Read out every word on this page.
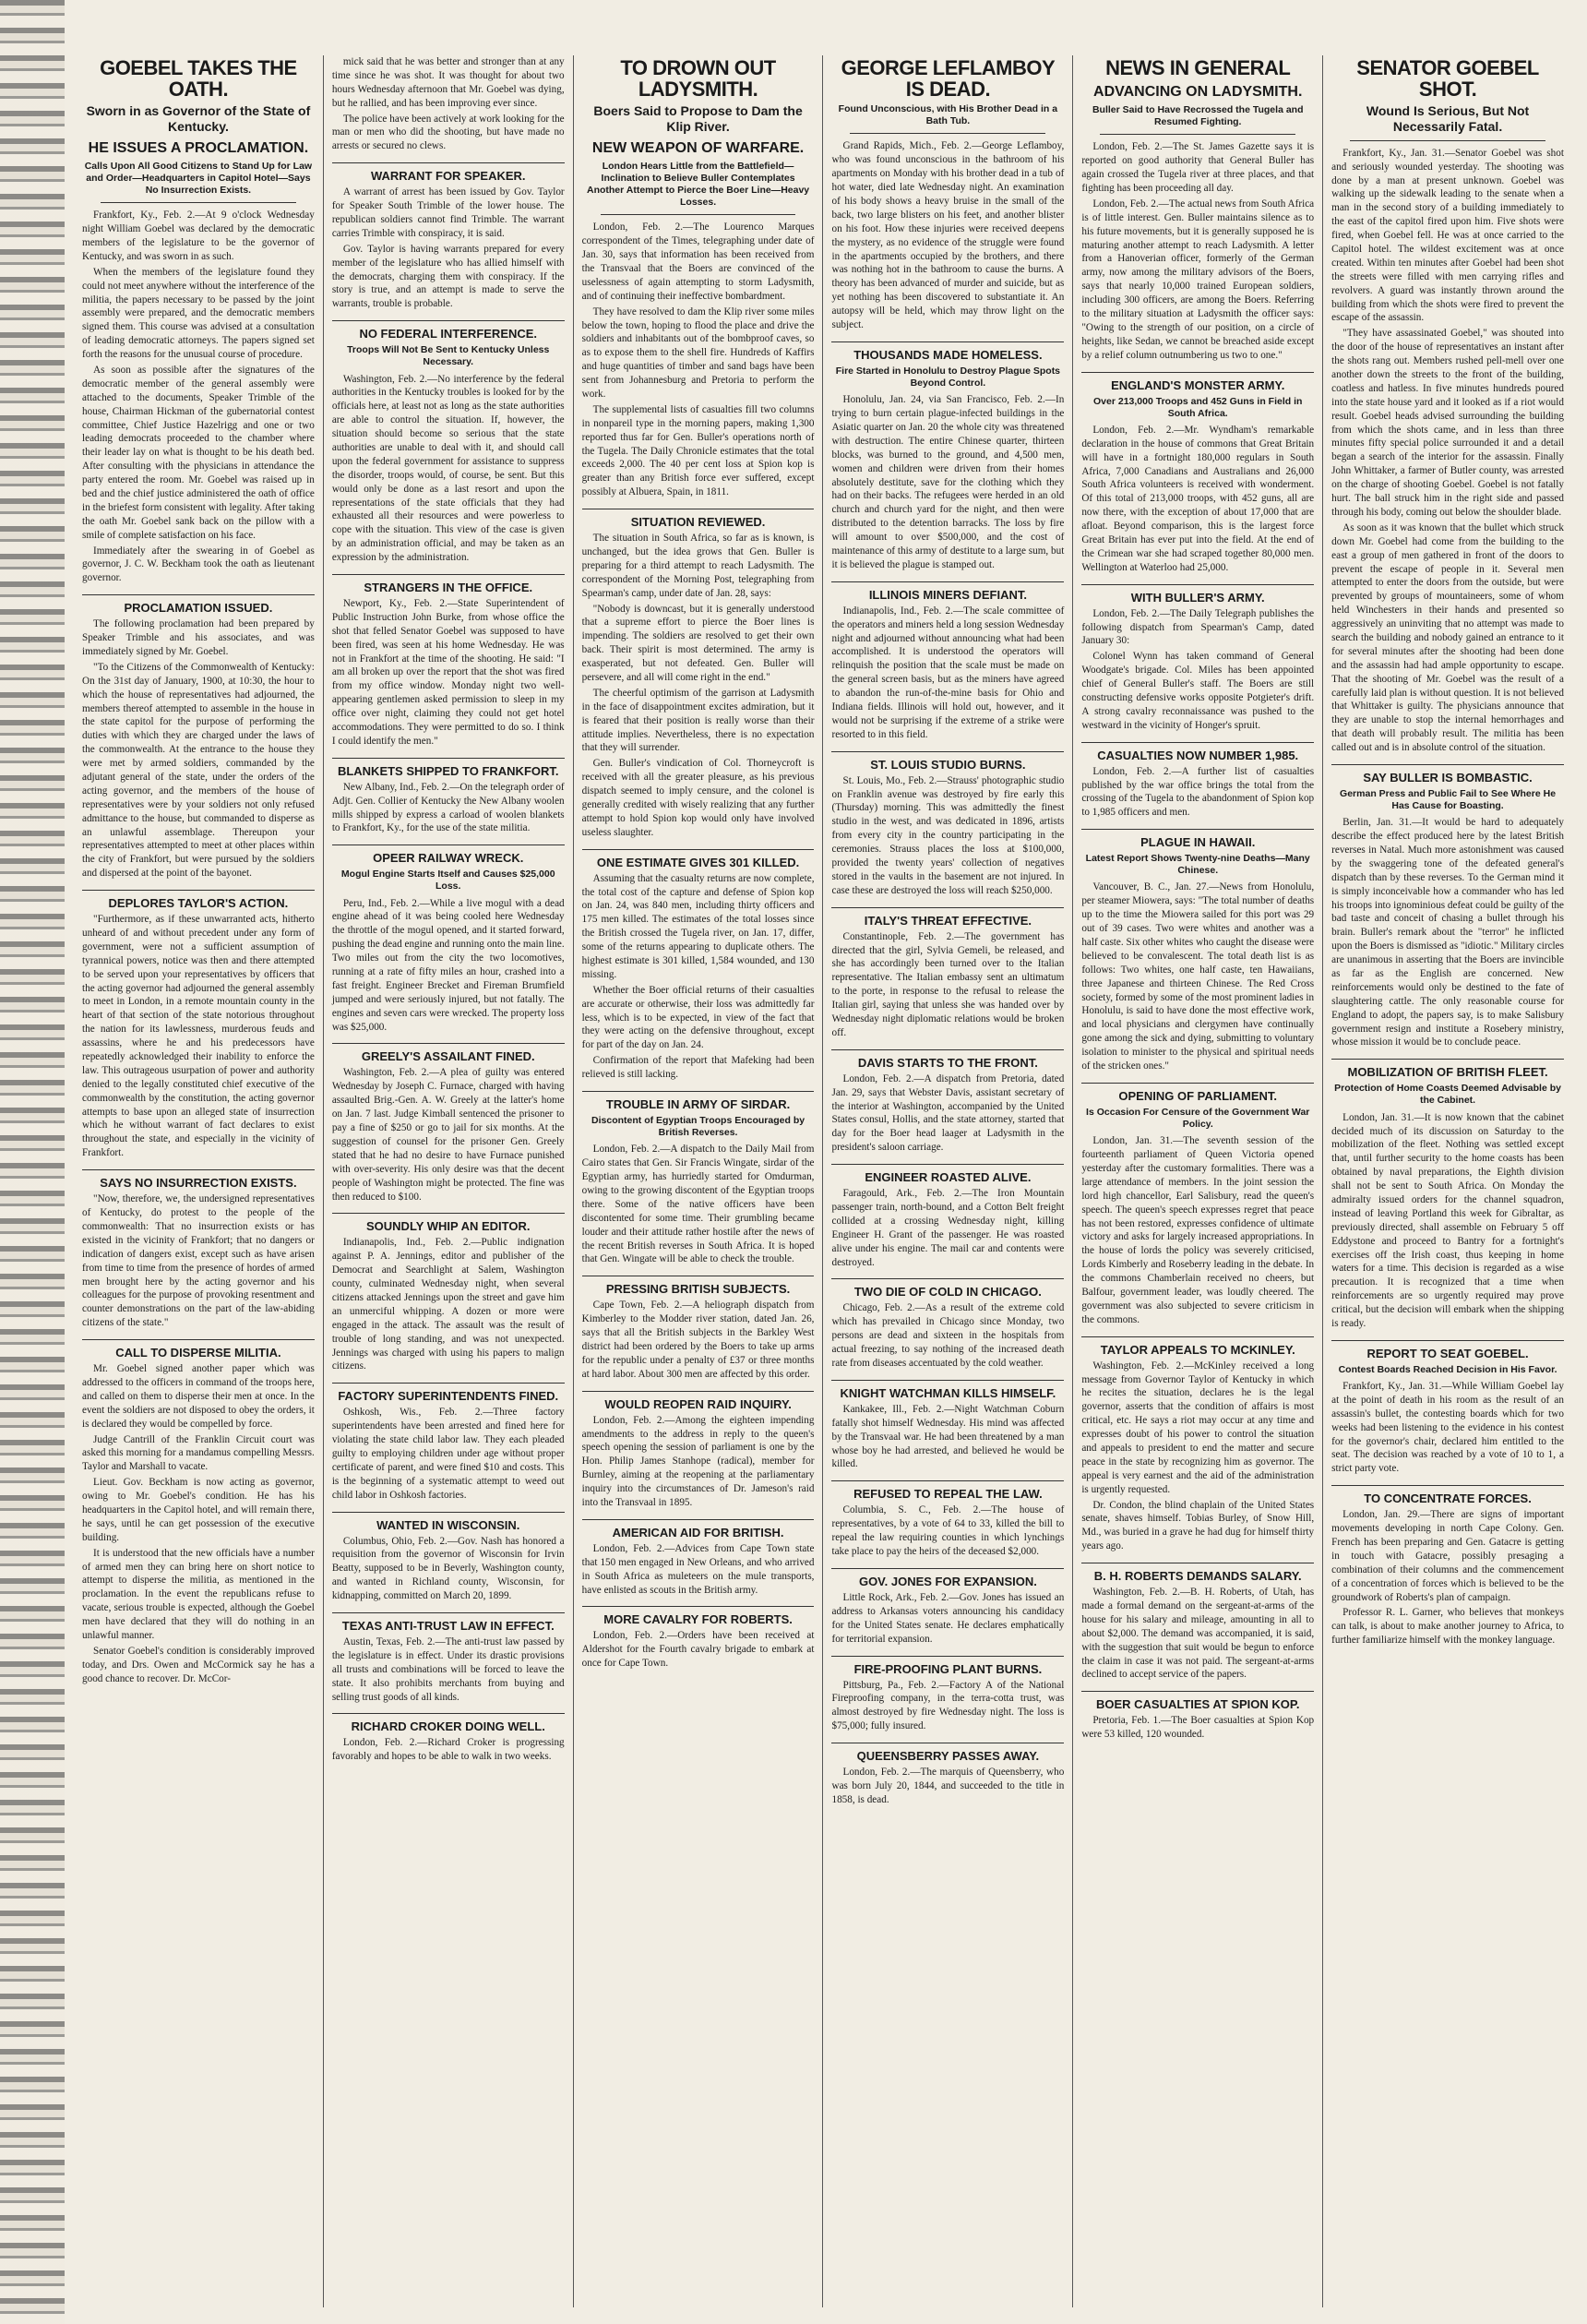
GOEBEL TAKES THE OATH.
Sworn in as Governor of the State of Kentucky.
HE ISSUES A PROCLAMATION.
Calls Upon All Good Citizens to Stand Up for Law and Order—Headquarters in Capitol Hotel—Says No Insurrection Exists.

Frankfort, Ky., Feb. 2.—At 9 o'clock Wednesday night William Goebel was declared by the democratic members of the legislature to be the governor of Kentucky, and was sworn in as such.

When the members of the legislature found they could not meet anywhere without the interference of the militia, the papers necessary to be passed by the joint assembly were prepared, and the democratic members signed them. This course was advised at a consultation of leading democratic attorneys. The papers signed set forth the reasons for the unusual course of procedure.

As soon as possible after the signatures of the democratic member of the general assembly were attached to the documents, Speaker Trimble of the house, Chairman Hickman of the gubernatorial contest committee, Chief Justice Hazelrigg and one or two leading democrats proceeded to the chamber where their leader lay on what is thought to be his death bed. After consulting with the physicians in attendance the party entered the room. Mr. Goebel was raised up in bed and the chief justice administered the oath of office in the briefest form consistent with legality. After taking the oath Mr. Goebel sank back on the pillow with a smile of complete satisfaction on his face.

Immediately after the swearing in of Goebel as governor, J. C. W. Beckham took the oath as lieutenant governor.

PROCLAMATION ISSUED.

The following proclamation had been prepared by Speaker Trimble and his associates, and was immediately signed by Mr. Goebel.

"To the Citizens of the Commonwealth of Kentucky: On the 31st day of January, 1900, at 10:30, the hour to which the house of representatives had adjourned, the members thereof attempted to assemble in the house in the state capitol for the purpose of performing the duties with which they are charged under the laws of the commonwealth. At the entrance to the house they were met by armed soldiers, commanded by the adjutant general of the state, under the orders of the acting governor, and the members of the house of representatives were by your soldiers not only refused admittance to the house, but commanded to disperse as an unlawful assemblage. Thereupon your representatives attempted to meet at other places within the city of Frankfort, but were pursued by the soldiers and dispersed at the point of the bayonet.

DEPLORES TAYLOR'S ACTION.

"Furthermore, as if these unwarranted acts, hitherto unheard of and without precedent under any form of government, were not a sufficient assumption of tyrannical powers, notice was then and there attempted to be served upon your representatives by officers that the acting governor had adjourned the general assembly to meet in London, in a remote mountain county in the heart of that section of the state notorious throughout the nation for its lawlessness, murderous feuds and assassins, where he and his predecessors have repeatedly acknowledged their inability to enforce the law. This outrageous usurpation of power and authority denied to the legally constituted chief executive of the commonwealth by the constitution, the acting governor attempts to base upon an alleged state of insurrection which he without warrant of fact declares to exist throughout the state, and especially in the vicinity of Frankfort.

SAYS NO INSURRECTION EXISTS.

"Now, therefore, we, the undersigned representatives of Kentucky, do protest to the people of the commonwealth: That no insurrection exists or has existed in the vicinity of Frankfort; that no dangers or indication of dangers exist, except such as have arisen from time to time from the presence of hordes of armed men brought here by the acting governor and his colleagues for the purpose of provoking resentment and counter demonstrations on the part of the law-abiding citizens of the state."

CALL TO DISPERSE MILITIA.

Mr. Goebel signed another paper which was addressed to the officers in command of the troops here, and called on them to disperse their men at once. In the event the soldiers are not disposed to obey the orders, it is declared they would be compelled by force.

Judge Cantrill of the Franklin Circuit court was asked this morning for a mandamus compelling Messrs. Taylor and Marshall to vacate.

Lieut. Gov. Beckham is now acting as governor, owing to Mr. Goebel's condition. He has his headquarters in the Capitol hotel, and will remain there, he says, until he can get possession of the executive building.

It is understood that the new officials have a number of armed men they can bring here on short notice to attempt to disperse the militia, as mentioned in the proclamation. In the event the republicans refuse to vacate, serious trouble is expected, although the Goebel men have declared that they will do nothing in an unlawful manner.

Senator Goebel's condition is considerably improved today, and Drs. Owen and McCormick say he has a good chance to recover. Dr. McCor-

mick said that he was better and stronger than at any time since he was shot. It was thought for about two hours Wednesday afternoon that Mr. Goebel was dying, but he rallied, and has been improving ever since.

The police have been actively at work looking for the man or men who did the shooting, but have made no arrests or secured no clews.

WARRANT FOR SPEAKER.

A warrant of arrest has been issued by Gov. Taylor for Speaker South Trimble of the lower house. The republican soldiers cannot find Trimble. The warrant carries Trimble with conspiracy, it is said.

Gov. Taylor is having warrants prepared for every member of the legislature who has allied himself with the democrats, charging them with conspiracy. If the story is true, and an attempt is made to serve the warrants, trouble is probable.

NO FEDERAL INTERFERENCE.
Troops Will Not Be Sent to Kentucky Unless Necessary.

Washington, Feb. 2.—No interference by the federal authorities in the Kentucky troubles is looked for by the officials here, at least not as long as the state authorities are able to control the situation. If, however, the situation should become so serious that the state authorities are unable to deal with it, and should call upon the federal government for assistance to suppress the disorder, troops would, of course, be sent. But this would only be done as a last resort and upon the representations of the state officials that they had exhausted all their resources and were powerless to cope with the situation. This view of the case is given by an administration official, and may be taken as an expression by the administration.

STRANGERS IN THE OFFICE.

Newport, Ky., Feb. 2.—State Superintendent of Public Instruction John Burke, from whose office the shot that felled Senator Goebel was supposed to have been fired, was seen at his home Wednesday. He was not in Frankfort at the time of the shooting. He said: "I am all broken up over the report that the shot was fired from my office window. Monday night two well-appearing gentlemen asked permission to sleep in my office over night, claiming they could not get hotel accommodations. They were permitted to do so. I think I could identify the men."

BLANKETS SHIPPED TO FRANKFORT.

New Albany, Ind., Feb. 2.—On the telegraph order of Adjt. Gen. Collier of Kentucky the New Albany woolen mills shipped by express a carload of woolen blankets to Frankfort, Ky., for the use of the state militia.

OPEER RAILWAY WRECK.
Mogul Engine Starts Itself and Causes $25,000 Loss.

Peru, Ind., Feb. 2.—While a live mogul with a dead engine ahead of it was being cooled here Wednesday the throttle of the mogul opened, and it started forward, pushing the dead engine and running onto the main line. Two miles out from the city the two locomotives, running at a rate of fifty miles an hour, crashed into a fast freight. Engineer Brecket and Fireman Brumfield jumped and were seriously injured, but not fatally. The engines and seven cars were wrecked. The property loss was $25,000.

GREELY'S ASSAILANT FINED.

Washington, Feb. 2.—A plea of guilty was entered Wednesday by Joseph C. Furnace, charged with having assaulted Brig.-Gen. A. W. Greely at the latter's home on Jan. 7 last. Judge Kimball sentenced the prisoner to pay a fine of $250 or go to jail for six months. At the suggestion of counsel for the prisoner Gen. Greely stated that he had no desire to have Furnace punished with over-severity. His only desire was that the decent people of Washington might be protected. The fine was then reduced to $100.

SOUNDLY WHIP AN EDITOR.

Indianapolis, Ind., Feb. 2.—Public indignation against P. A. Jennings, editor and publisher of the Democrat and Searchlight at Salem, Washington county, culminated Wednesday night, when several citizens attacked Jennings upon the street and gave him an unmerciful whipping. A dozen or more were engaged in the attack. The assault was the result of trouble of long standing, and was not unexpected. Jennings was charged with using his papers to malign citizens.

FACTORY SUPERINTENDENTS FINED.

Oshkosh, Wis., Feb. 2.—Three factory superintendents have been arrested and fined here for violating the state child labor law. They each pleaded guilty to employing children under age without proper certificate of parent, and were fined $10 and costs. This is the beginning of a systematic attempt to weed out child labor in Oshkosh factories.

WANTED IN WISCONSIN.

Columbus, Ohio, Feb. 2.—Gov. Nash has honored a requisition from the governor of Wisconsin for Irvin Beatty, supposed to be in Beverly, Washington county, and wanted in Richland county, Wisconsin, for kidnapping, committed on March 20, 1899.

TEXAS ANTI-TRUST LAW IN EFFECT.

Austin, Texas, Feb. 2.—The anti-trust law passed by the legislature is in effect. Under its drastic provisions all trusts and combinations will be forced to leave the state. It also prohibits merchants from buying and selling trust goods of all kinds.

RICHARD CROKER DOING WELL.

London, Feb. 2.—Richard Croker is progressing favorably and hopes to be able to walk in two weeks.

TO DROWN OUT LADYSMITH.
Boers Said to Propose to Dam the Klip River.
NEW WEAPON OF WARFARE.
London Hears Little from the Battlefield—Inclination to Believe Buller Contemplates Another Attempt to Pierce the Boer Line—Heavy Losses.

London, Feb. 2.—The Lourenco Marques correspondent of the Times, telegraphing under date of Jan. 30, says that information has been received from the Transvaal that the Boers are convinced of the uselessness of again attempting to storm Ladysmith, and of continuing their ineffective bombardment.

They have resolved to dam the Klip river some miles below the town, hoping to flood the place and drive the soldiers and inhabitants out of the bombproof caves, so as to expose them to the shell fire. Hundreds of Kaffirs and huge quantities of timber and sand bags have been sent from Johannesburg and Pretoria to perform the work.

The supplemental lists of casualties fill two columns in nonpareil type in the morning papers, making 1,300 reported thus far for Gen. Buller's operations north of the Tugela. The Daily Chronicle estimates that the total exceeds 2,000. The 40 per cent loss at Spion kop is greater than any British force ever suffered, except possibly at Albuera, Spain, in 1811.

SITUATION REVIEWED.

The situation in South Africa, so far as is known, is unchanged, but the idea grows that Gen. Buller is preparing for a third attempt to reach Ladysmith. The correspondent of the Morning Post, telegraphing from Spearman's camp, under date of Jan. 28, says:

"Nobody is downcast, but it is generally understood that a supreme effort to pierce the Boer lines is impending. The soldiers are resolved to get their own back. Their spirit is most determined. The army is exasperated, but not defeated. Gen. Buller will persevere, and all will come right in the end."

The cheerful optimism of the garrison at Ladysmith in the face of disappointment excites admiration, but it is feared that their position is really worse than their attitude implies. Nevertheless, there is no expectation that they will surrender.

Gen. Buller's vindication of Col. Thorneycroft is received with all the greater pleasure, as his previous dispatch seemed to imply censure, and the colonel is generally credited with wisely realizing that any further attempt to hold Spion kop would only have involved useless slaughter.

ONE ESTIMATE GIVES 301 KILLED.

Assuming that the casualty returns are now complete, the total cost of the capture and defense of Spion kop on Jan. 24, was 840 men, including thirty officers and 175 men killed. The estimates of the total losses since the British crossed the Tugela river, on Jan. 17, differ, some of the returns appearing to duplicate others. The highest estimate is 301 killed, 1,584 wounded, and 130 missing.

Whether the Boer official returns of their casualties are accurate or otherwise, their loss was admittedly far less, which is to be expected, in view of the fact that they were acting on the defensive throughout, except for part of the day on Jan. 24.

Confirmation of the report that Mafeking had been relieved is still lacking.

TROUBLE IN ARMY OF SIRDAR.
Discontent of Egyptian Troops Encouraged by British Reverses.

London, Feb. 2.—A dispatch to the Daily Mail from Cairo states that Gen. Sir Francis Wingate, sirdar of the Egyptian army, has hurriedly started for Omdurman, owing to the growing discontent of the Egyptian troops there. Some of the native officers have been discontented for some time. Their grumbling became louder and their attitude rather hostile after the news of the recent British reverses in South Africa. It is hoped that Gen. Wingate will be able to check the trouble.

PRESSING BRITISH SUBJECTS.

Cape Town, Feb. 2.—A heliograph dispatch from Kimberley to the Modder river station, dated Jan. 26, says that all the British subjects in the Barkley West district had been ordered by the Boers to take up arms for the republic under a penalty of £37 or three months at hard labor. About 300 men are affected by this order.

WOULD REOPEN RAID INQUIRY.

London, Feb. 2.—Among the eighteen impending amendments to the address in reply to the queen's speech opening the session of parliament is one by the Hon. Philip James Stanhope (radical), member for Burnley, aiming at the reopening at the parliamentary inquiry into the circumstances of Dr. Jameson's raid into the Transvaal in 1895.

AMERICAN AID FOR BRITISH.

London, Feb. 2.—Advices from Cape Town state that 150 men engaged in New Orleans, and who arrived in South Africa as muleteers on the mule transports, have enlisted as scouts in the British army.

MORE CAVALRY FOR ROBERTS.

London, Feb. 2.—Orders have been received at Aldershot for the Fourth cavalry brigade to embark at once for Cape Town.

GEORGE LEFLAMBOY IS DEAD.
Found Unconscious, with His Brother Dead in a Bath Tub.

Grand Rapids, Mich., Feb. 2.—George Leflamboy, who was found unconscious in the bathroom of his apartments on Monday with his brother dead in a tub of hot water, died late Wednesday night. An examination of his body shows a heavy bruise in the small of the back, two large blisters on his feet, and another blister on his foot. How these injuries were received deepens the mystery, as no evidence of the struggle were found in the apartments occupied by the brothers, and there was nothing hot in the bathroom to cause the burns. A theory has been advanced of murder and suicide, but as yet nothing has been discovered to substantiate it. An autopsy will be held, which may throw light on the subject.

THOUSANDS MADE HOMELESS.
Fire Started in Honolulu to Destroy Plague Spots Beyond Control.

Honolulu, Jan. 24, via San Francisco, Feb. 2.—In trying to burn certain plague-infected buildings in the Asiatic quarter on Jan. 20 the whole city was threatened with destruction. The entire Chinese quarter, thirteen blocks, was burned to the ground, and 4,500 men, women and children were driven from their homes absolutely destitute, save for the clothing which they had on their backs. The refugees were herded in an old church and church yard for the night, and then were distributed to the detention barracks. The loss by fire will amount to over $500,000, and the cost of maintenance of this army of destitute to a large sum, but it is believed the plague is stamped out.

ILLINOIS MINERS DEFIANT.

Indianapolis, Ind., Feb. 2.—The scale committee of the operators and miners held a long session Wednesday night and adjourned without announcing what had been accomplished. It is understood the operators will relinquish the position that the scale must be made on the general screen basis, but as the miners have agreed to abandon the run-of-the-mine basis for Ohio and Indiana fields. Illinois will hold out, however, and it would not be surprising if the extreme of a strike were resorted to in this field.

ST. LOUIS STUDIO BURNS.

St. Louis, Mo., Feb. 2.—Strauss' photographic studio on Franklin avenue was destroyed by fire early this (Thursday) morning. This was admittedly the finest studio in the west, and was dedicated in 1896, artists from every city in the country participating in the ceremonies. Strauss places the loss at $100,000, provided the twenty years' collection of negatives stored in the vaults in the basement are not injured. In case these are destroyed the loss will reach $250,000.

ITALY'S THREAT EFFECTIVE.

Constantinople, Feb. 2.—The government has directed that the girl, Sylvia Gemeli, be released, and she has accordingly been turned over to the Italian representative. The Italian embassy sent an ultimatum to the porte, in response to the refusal to release the Italian girl, saying that unless she was handed over by Wednesday night diplomatic relations would be broken off.

DAVIS STARTS TO THE FRONT.

London, Feb. 2.—A dispatch from Pretoria, dated Jan. 29, says that Webster Davis, assistant secretary of the interior at Washington, accompanied by the United States consul, Hollis, and the state attorney, started that day for the Boer head laager at Ladysmith in the president's saloon carriage.

ENGINEER ROASTED ALIVE.

Faragould, Ark., Feb. 2.—The Iron Mountain passenger train, north-bound, and a Cotton Belt freight collided at a crossing Wednesday night, killing Engineer H. Grant of the passenger. He was roasted alive under his engine. The mail car and contents were destroyed.

TWO DIE OF COLD IN CHICAGO.

Chicago, Feb. 2.—As a result of the extreme cold which has prevailed in Chicago since Monday, two persons are dead and sixteen in the hospitals from actual freezing, to say nothing of the increased death rate from diseases accentuated by the cold weather.

KNIGHT WATCHMAN KILLS HIMSELF.

Kankakee, Ill., Feb. 2.—Night Watchman Coburn fatally shot himself Wednesday. His mind was affected by the Transvaal war. He had been threatened by a man whose boy he had arrested, and believed he would be killed.

REFUSED TO REPEAL THE LAW.

Columbia, S. C., Feb. 2.—The house of representatives, by a vote of 64 to 33, killed the bill to repeal the law requiring counties in which lynchings take place to pay the heirs of the deceased $2,000.

GOV. JONES FOR EXPANSION.

Little Rock, Ark., Feb. 2.—Gov. Jones has issued an address to Arkansas voters announcing his candidacy for the United States senate. He declares emphatically for territorial expansion.

FIRE-PROOFING PLANT BURNS.

Pittsburg, Pa., Feb. 2.—Factory A of the National Fireproofing company, in the terra-cotta trust, was almost destroyed by fire Wednesday night. The loss is $75,000; fully insured.

QUEENSBERRY PASSES AWAY.

London, Feb. 2.—The marquis of Queensberry, who was born July 20, 1844, and succeeded to the title in 1858, is dead.

NEWS IN GENERAL
ADVANCING ON LADYSMITH.
Buller Said to Have Recrossed the Tugela and Resumed Fighting.

London, Feb. 2.—The St. James Gazette says it is reported on good authority that General Buller has again crossed the Tugela river at three places, and that fighting has been proceeding all day.

London, Feb. 2.—The actual news from South Africa is of little interest. Gen. Buller maintains silence as to his future movements, but it is generally supposed he is maturing another attempt to reach Ladysmith. A letter from a Hanoverian officer, formerly of the German army, now among the military advisors of the Boers, says that nearly 10,000 trained European soldiers, including 300 officers, are among the Boers. Referring to the military situation at Ladysmith the officer says: "Owing to the strength of our position, on a circle of heights, like Sedan, we cannot be breached aside except by a relief column outnumbering us two to one."

ENGLAND'S MONSTER ARMY.
Over 213,000 Troops and 452 Guns in Field in South Africa.

London, Feb. 2.—Mr. Wyndham's remarkable declaration in the house of commons that Great Britain will have in a fortnight 180,000 regulars in South Africa, 7,000 Canadians and Australians and 26,000 South Africa volunteers is received with wonderment. Of this total of 213,000 troops, with 452 guns, all are now there, with the exception of about 17,000 that are afloat. Beyond comparison, this is the largest force Great Britain has ever put into the field. At the end of the Crimean war she had scraped together 80,000 men. Wellington at Waterloo had 25,000.

WITH BULLER'S ARMY.

London, Feb. 2.—The Daily Telegraph publishes the following dispatch from Spearman's Camp, dated January 30:

Colonel Wynn has taken command of General Woodgate's brigade. Col. Miles has been appointed chief of General Buller's staff. The Boers are still constructing defensive works opposite Potgieter's drift. A strong cavalry reconnaissance was pushed to the westward in the vicinity of Honger's spruit.

CASUALTIES NOW NUMBER 1,985.

London, Feb. 2.—A further list of casualties published by the war office brings the total from the crossing of the Tugela to the abandonment of Spion kop to 1,985 officers and men.

PLAGUE IN HAWAII.
Latest Report Shows Twenty-nine Deaths—Many Chinese.

Vancouver, B. C., Jan. 27.—News from Honolulu, per steamer Miowera, says: "The total number of deaths up to the time the Miowera sailed for this port was 29 out of 39 cases. Two were whites and another was a half caste. Six other whites who caught the disease were believed to be convalescent. The total death list is as follows: Two whites, one half caste, ten Hawaiians, three Japanese and thirteen Chinese. The Red Cross society, formed by some of the most prominent ladies in Honolulu, is said to have done the most effective work, and local physicians and clergymen have continually gone among the sick and dying, submitting to voluntary isolation to minister to the physical and spiritual needs of the stricken ones."

OPENING OF PARLIAMENT.
Is Occasion For Censure of the Government War Policy.

London, Jan. 31.—The seventh session of the fourteenth parliament of Queen Victoria opened yesterday after the customary formalities. There was a large attendance of members. In the joint session the lord high chancellor, Earl Salisbury, read the queen's speech. The queen's speech expresses regret that peace has not been restored, expresses confidence of ultimate victory and asks for largely increased appropriations. In the house of lords the policy was severely criticised, Lords Kimberly and Roseberry leading in the debate. In the commons Chamberlain received no cheers, but Balfour, government leader, was loudly cheered. The government was also subjected to severe criticism in the commons.

TAYLOR APPEALS TO MCKINLEY.

Washington, Feb. 2.—McKinley received a long message from Governor Taylor of Kentucky in which he recites the situation, declares he is the legal governor, asserts that the condition of affairs is most critical, etc. He says a riot may occur at any time and expresses doubt of his power to control the situation and appeals to president to end the matter and secure peace in the state by recognizing him as governor. The appeal is very earnest and the aid of the administration is urgently requested.

Dr. Condon, the blind chaplain of the United States senate, shaves himself. Tobias Burley, of Snow Hill, Md., was buried in a grave he had dug for himself thirty years ago.

B. H. ROBERTS DEMANDS SALARY.

Washington, Feb. 2.—B. H. Roberts, of Utah, has made a formal demand on the sergeant-at-arms of the house for his salary and mileage, amounting in all to about $2,000. The demand was accompanied, it is said, with the suggestion that suit would be begun to enforce the claim in case it was not paid. The sergeant-at-arms declined to accept service of the papers.

BOER CASUALTIES AT SPION KOP.

Pretoria, Feb. 1.—The Boer casualties at Spion Kop were 53 killed, 120 wounded.

SENATOR GOEBEL SHOT.
Wound Is Serious, But Not Necessarily Fatal.

Frankfort, Ky., Jan. 31.—Senator Goebel was shot and seriously wounded yesterday. The shooting was done by a man at present unknown. Goebel was walking up the sidewalk leading to the senate when a man in the second story of a building immediately to the east of the capitol fired upon him. Five shots were fired, when Goebel fell. He was at once carried to the Capitol hotel. The wildest excitement was at once created. Within ten minutes after Goebel had been shot the streets were filled with men carrying rifles and revolvers. A guard was instantly thrown around the building from which the shots were fired to prevent the escape of the assassin.

"They have assassinated Goebel," was shouted into the door of the house of representatives an instant after the shots rang out. Members rushed pell-mell over one another down the streets to the front of the building, coatless and hatless. In five minutes hundreds poured into the state house yard and it looked as if a riot would result. Goebel heads advised surrounding the building from which the shots came, and in less than three minutes fifty special police surrounded it and a detail began a search of the interior for the assassin. Finally John Whittaker, a farmer of Butler county, was arrested on the charge of shooting Goebel. Goebel is not fatally hurt. The ball struck him in the right side and passed through his body, coming out below the shoulder blade.

As soon as it was known that the bullet which struck down Mr. Goebel had come from the building to the east a group of men gathered in front of the doors to prevent the escape of people in it. Several men attempted to enter the doors from the outside, but were prevented by groups of mountaineers, some of whom held Winchesters in their hands and presented so aggressively an uninviting that no attempt was made to search the building and nobody gained an entrance to it for several minutes after the shooting had been done and the assassin had had ample opportunity to escape. That the shooting of Mr. Goebel was the result of a carefully laid plan is without question. It is not believed that Whittaker is guilty. The physicians announce that they are unable to stop the internal hemorrhages and that death will probably result. The militia has been called out and is in absolute control of the situation.

SAY BULLER IS BOMBASTIC.
German Press and Public Fail to See Where He Has Cause for Boasting.

Berlin, Jan. 31.—It would be hard to adequately describe the effect produced here by the latest British reverses in Natal. Much more astonishment was caused by the swaggering tone of the defeated general's dispatch than by these reverses. To the German mind it is simply inconceivable how a commander who has led his troops into ignominious defeat could be guilty of the bad taste and conceit of chasing a bullet through his brain. Buller's remark about the "terror" he inflicted upon the Boers is dismissed as "idiotic." Military circles are unanimous in asserting that the Boers are invincible as far as the English are concerned. New reinforcements would only be destined to the fate of slaughtering cattle. The only reasonable course for England to adopt, the papers say, is to make Salisbury government resign and institute a Rosebery ministry, whose mission it would be to conclude peace.

MOBILIZATION OF BRITISH FLEET.
Protection of Home Coasts Deemed Advisable by the Cabinet.

London, Jan. 31.—It is now known that the cabinet decided much of its discussion on Saturday to the mobilization of the fleet. Nothing was settled except that, until further security to the home coasts has been obtained by naval preparations, the Eighth division shall not be sent to South Africa. On Monday the admiralty issued orders for the channel squadron, instead of leaving Portland this week for Gibraltar, as previously directed, shall assemble on February 5 off Eddystone and proceed to Bantry for a fortnight's exercises off the Irish coast, thus keeping in home waters for a time. This decision is regarded as a wise precaution. It is recognized that a time when reinforcements are so urgently required may prove critical, but the decision will embark when the shipping is ready.

REPORT TO SEAT GOEBEL.
Contest Boards Reached Decision in His Favor.

Frankfort, Ky., Jan. 31.—While William Goebel lay at the point of death in his room as the result of an assassin's bullet, the contesting boards which for two weeks had been listening to the evidence in his contest for the governor's chair, declared him entitled to the seat. The decision was reached by a vote of 10 to 1, a strict party vote.

TO CONCENTRATE FORCES.

London, Jan. 29.—There are signs of important movements developing in north Cape Colony. Gen. French has been preparing and Gen. Gatacre is getting in touch with Gatacre, possibly presaging a combination of their columns and the commencement of a concentration of forces which is believed to be the groundwork of Roberts's plan of campaign.

Professor R. L. Garner, who believes that monkeys can talk, is about to make another journey to Africa, to further familiarize himself with the monkey language.
